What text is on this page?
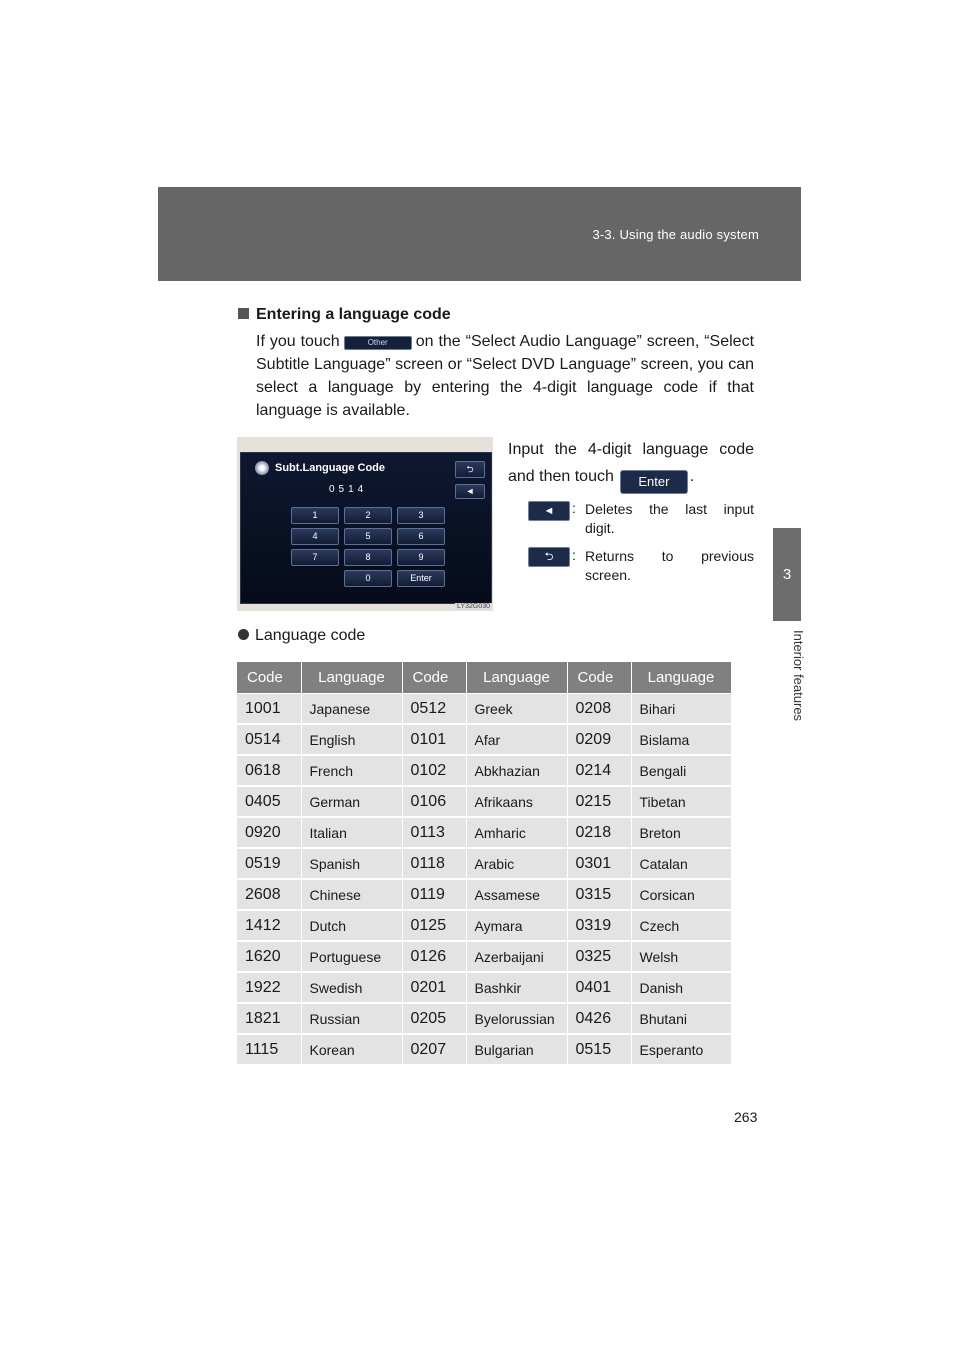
3-3. Using the audio system
3
Interior features
Entering a language code
If you touch	Other on the “Select Audio Language” screen, “Select Subtitle Language” screen or “Select DVD Language” screen, you can select a language by entering the 4-digit language code if that language is available.
Subt.Language Code
0514
⮌
◄
1	2	3
4	5	6
7	8	9
0	Enter
LY32G030
Input the 4-digit language code
and then touch Enter .
◄	: Deletes the last input
digit.
⮌	: Returns to previous
screen.
Language code
Code	Language	Code	Language	Code	Language
1001	Japanese	0512	Greek	0208	Bihari
0514	English	0101	Afar	0209	Bislama
0618	French	0102	Abkhazian	0214	Bengali
0405	German	0106	Afrikaans	0215	Tibetan
0920	Italian	0113	Amharic	0218	Breton
0519	Spanish	0118	Arabic	0301	Catalan
2608	Chinese	0119	Assamese	0315	Corsican
1412	Dutch	0125	Aymara	0319	Czech
1620	Portuguese	0126	Azerbaijani	0325	Welsh
1922	Swedish	0201	Bashkir	0401	Danish
1821	Russian	0205	Byelorussian	0426	Bhutani
1115	Korean	0207	Bulgarian	0515	Esperanto
263
